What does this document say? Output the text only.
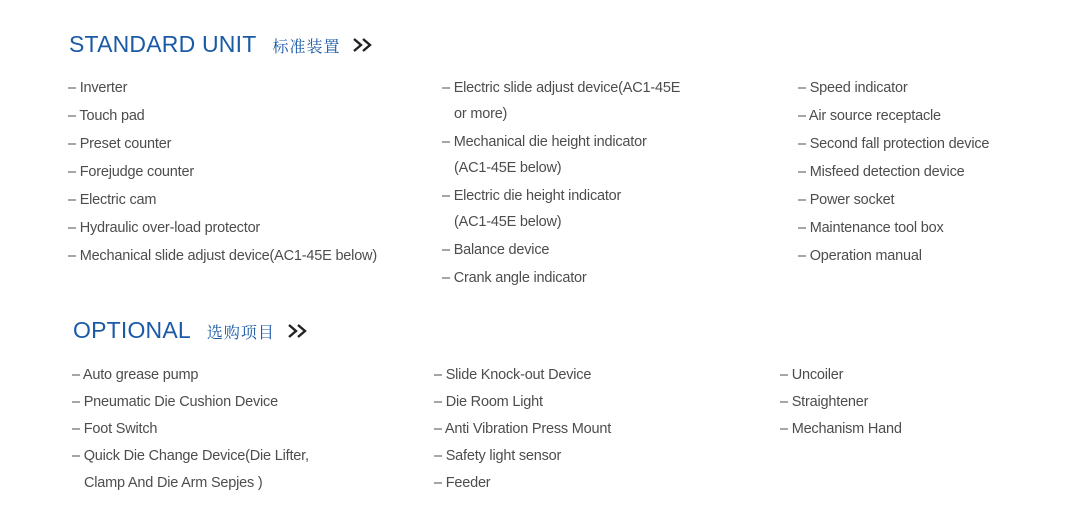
STANDARD UNIT 标准装置
– Inverter
– Touch pad
– Preset counter
– Forejudge counter
– Electric cam
– Hydraulic over-load protector
– Mechanical slide adjust device(AC1-45E below)
– Electric slide adjust device(AC1-45E
or more)
– Mechanical die height indicator
(AC1-45E below)
– Electric die height indicator
(AC1-45E below)
– Balance device
– Crank angle indicator
– Speed indicator
– Air source receptacle
– Second fall protection device
– Misfeed detection device
– Power socket
– Maintenance tool box
– Operation manual
OPTIONAL 选购项目
– Auto grease pump
– Pneumatic Die Cushion Device
– Foot Switch
– Quick Die Change Device(Die Lifter,
Clamp And Die Arm Sepjes )
– Slide Knock-out Device
– Die Room Light
– Anti Vibration Press Mount
– Safety light sensor
– Feeder
– Uncoiler
– Straightener
– Mechanism Hand
